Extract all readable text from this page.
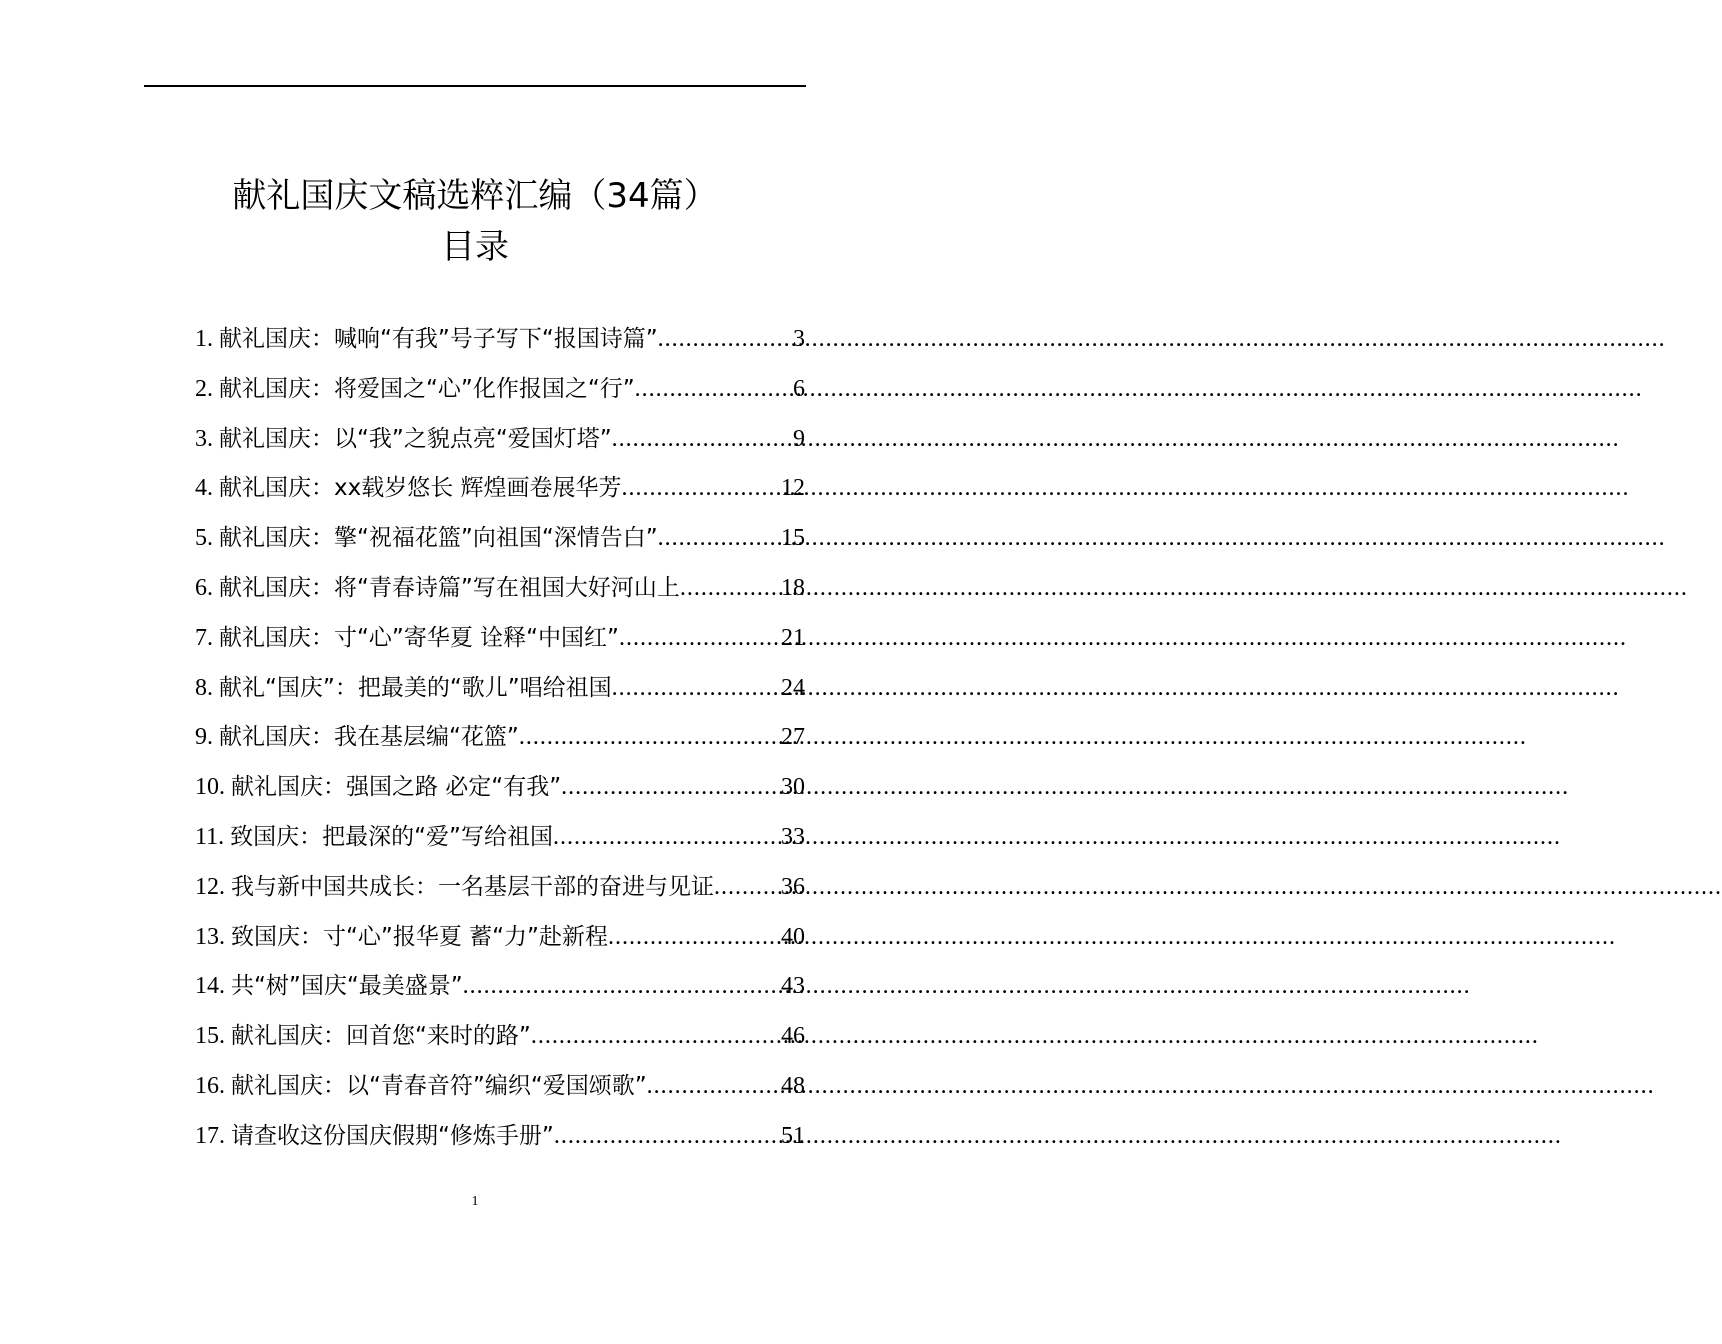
献礼国庆文稿选粹汇编（34篇）
目录
1. 献礼国庆：喊响“有我”号子写下“报国诗篇” .....	3
2. 献礼国庆：将爱国之“心”化作报国之“行” .....	6
3. 献礼国庆：以“我”之貌点亮“爱国灯塔” .....	9
4. 献礼国庆：xx载岁悠长 辉煌画卷展华芳 .....	12
5. 献礼国庆：擎“祝福花篮”向祖国“深情告白” .....	15
6. 献礼国庆：将“青春诗篇”写在祖国大好河山上 .....	18
7. 献礼国庆：寸“心”寄华夏 诠释“中国红” .....	21
8. 献礼“国庆”：把最美的“歌儿”唱给祖国 .....	24
9. 献礼国庆：我在基层编“花篮” .....	27
10. 献礼国庆：强国之路 必定“有我” .....	30
11. 致国庆：把最深的“爱”写给祖国 .....	33
12. 我与新中国共成长：一名基层干部的奋进与见证 .....	36
13. 致国庆：寸“心”报华夏 蓄“力”赴新程 .....	40
14. 共“树”国庆“最美盛景” .....	43
15. 献礼国庆：回首您“来时的路” .....	46
16. 献礼国庆：以“青春音符”编织“爱国颂歌” .....	48
17. 请查收这份国庆假期“修炼手册” .....	51
1
